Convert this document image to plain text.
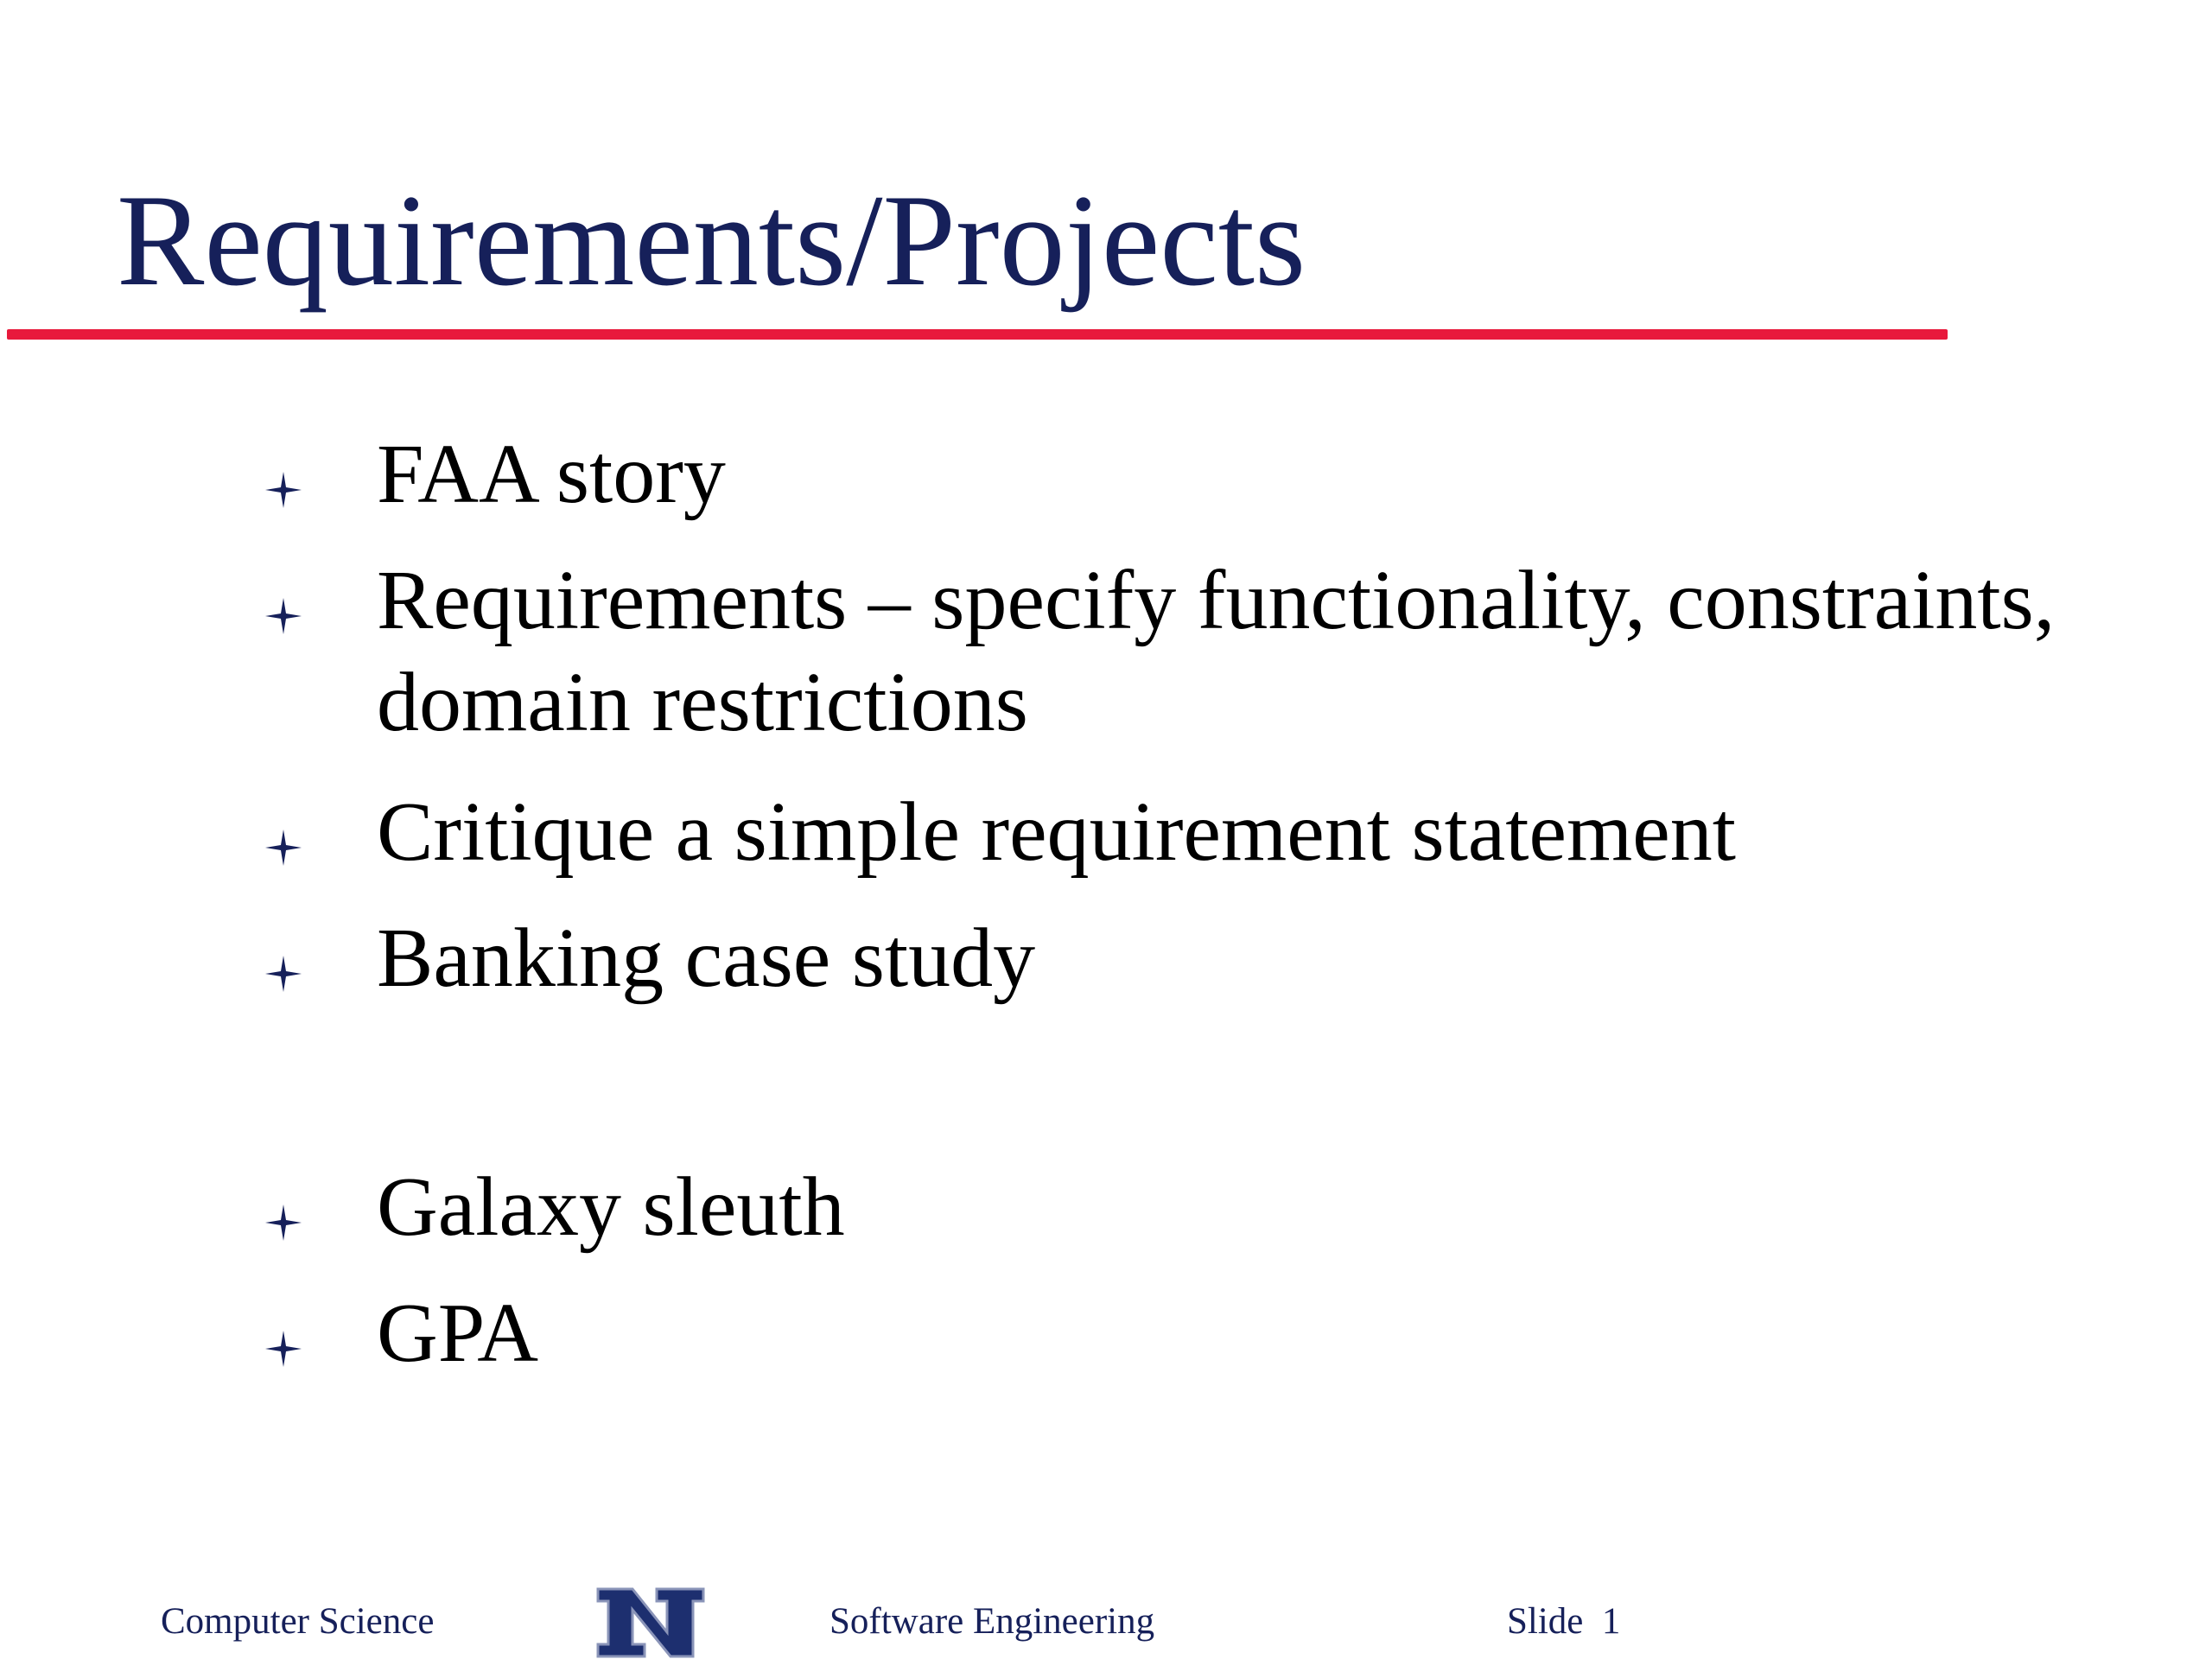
Requirements/Projects
FAA story
Requirements – specify functionality, constraints,
domain restrictions
Critique a simple requirement statement
Banking case study
Galaxy sleuth
GPA
Computer Science	NEVADA	Software Engineering	Slide 1
